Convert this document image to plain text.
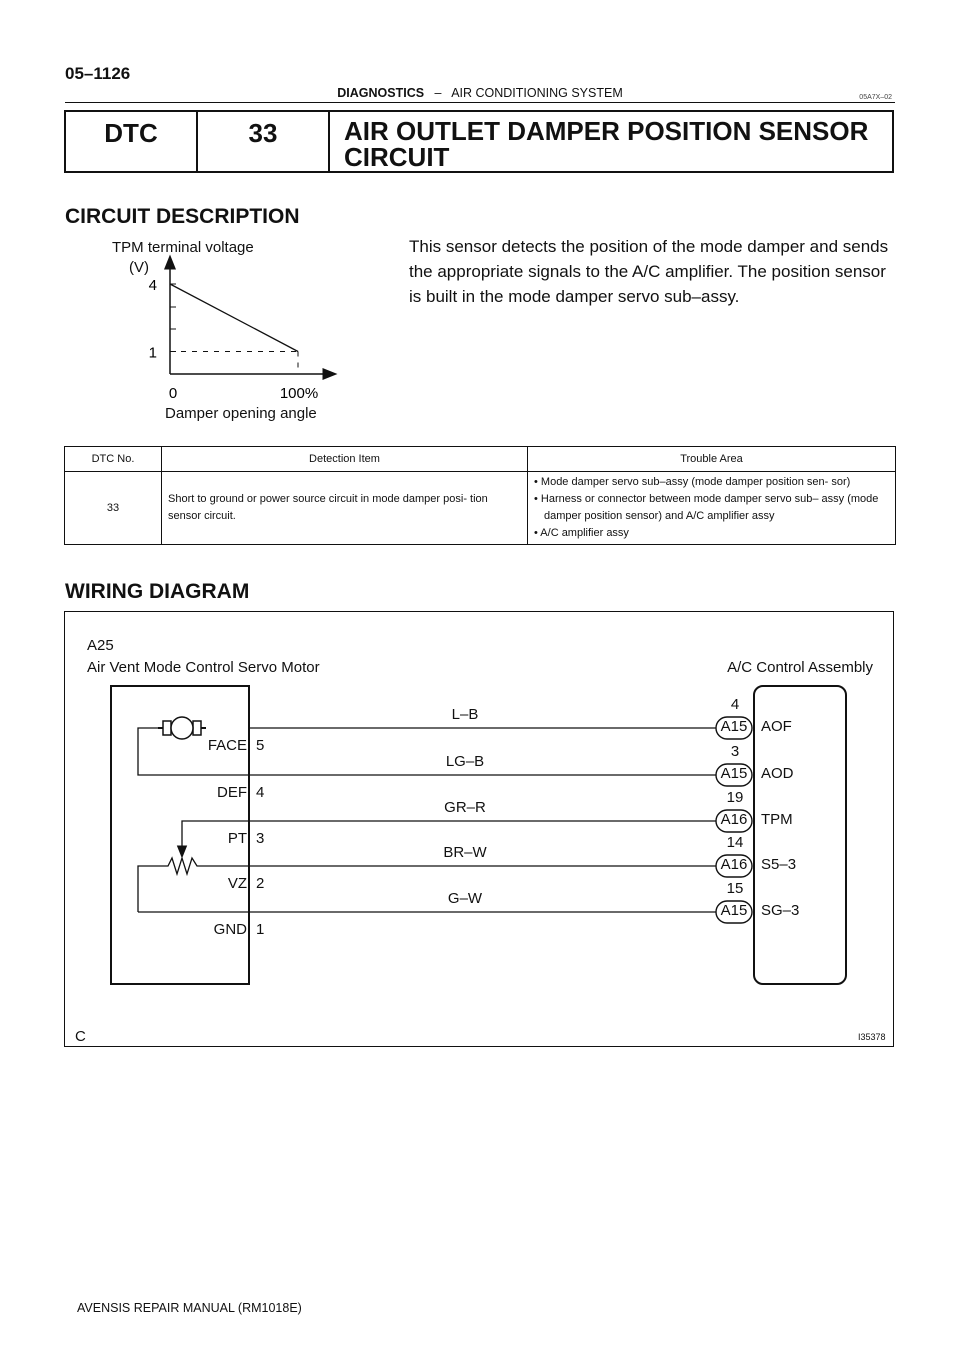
05–1126
DIAGNOSTICS – AIR CONDITIONING SYSTEM	05A7X–02
DTC	33	AIR OUTLET DAMPER POSITION SENSOR
CIRCUIT
CIRCUIT DESCRIPTION
This sensor detects the position of the mode damper and sends the appropriate signals to the A/C amplifier. The position sensor is built in the mode damper servo sub–assy.
TPM terminal voltage
(V)
Damper opening angle
1
4
0	100%
DTC No.	Detection Item	Trouble Area
33	Short to ground or power source circuit in mode damper posi- tion sensor circuit.	• Mode damper servo sub–assy (mode damper position sen- sor)
• Harness or connector between mode damper servo sub– assy (mode damper position sensor) and A/C amplifier assy
• A/C amplifier assy
WIRING DIAGRAM
A25
Air Vent Mode Control Servo Motor	A/C Control Assembly
C	I35378
FACE 5
L–B
A15
4
AOF
DEF 4
LG–B
A15
3
AOD
PT 3
GR–R
A16
19
TPM
VZ 2
BR–W
A16
14
S5–3
GND 1
G–W
A15
15
SG–3
AVENSIS REPAIR MANUAL (RM1018E)
